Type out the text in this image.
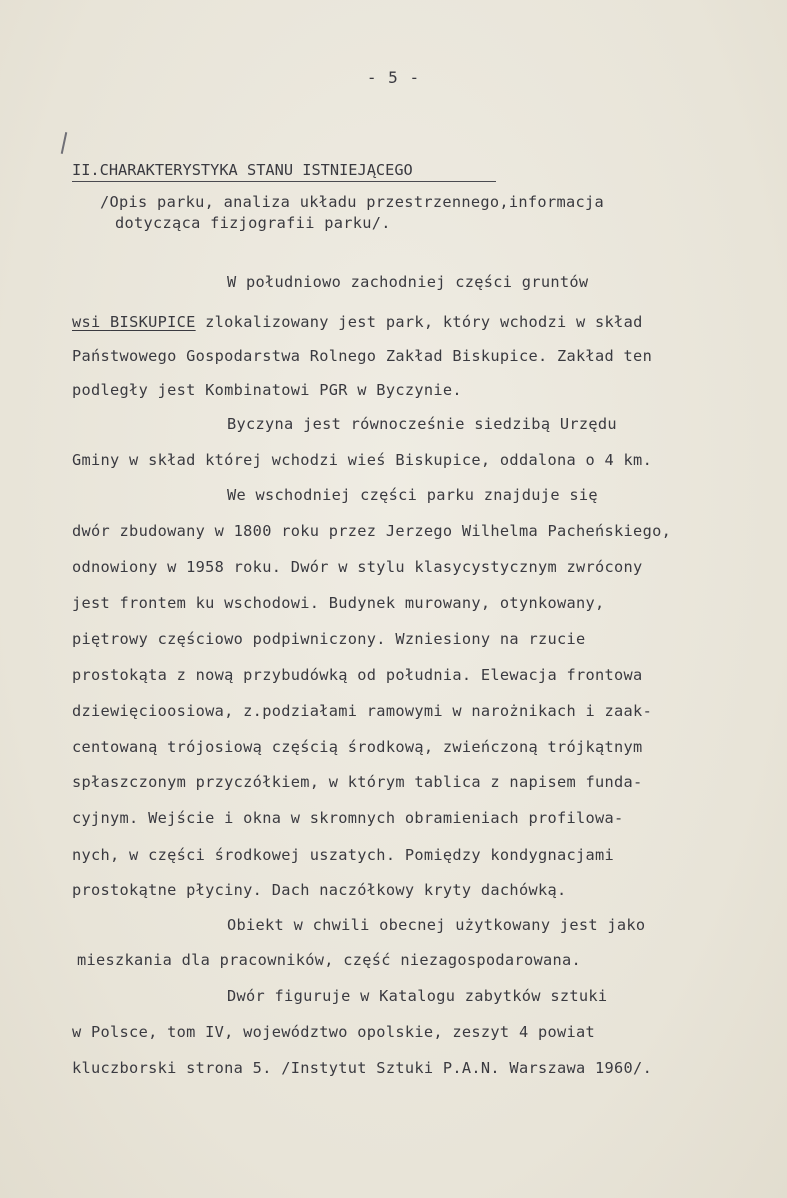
- 5 -
II.CHARAKTERYSTYKA STANU ISTNIEJĄCEGO
/Opis parku, analiza układu przestrzennego,informacja
dotycząca fizjografii parku/.
W południowo zachodniej części gruntów
wsi BISKUPICE zlokalizowany jest park, który wchodzi w skład
Państwowego Gospodarstwa Rolnego Zakład Biskupice. Zakład ten
podległy jest Kombinatowi PGR w Byczynie.
Byczyna jest równocześnie siedzibą Urzędu
Gminy w skład której wchodzi wieś Biskupice, oddalona o 4 km.
We wschodniej części parku znajduje się
dwór zbudowany w 1800 roku przez Jerzego Wilhelma Pacheńskiego,
odnowiony w 1958 roku. Dwór w stylu klasycystycznym zwrócony
jest frontem ku wschodowi. Budynek murowany, otynkowany,
piętrowy częściowo podpiwniczony. Wzniesiony na rzucie
prostokąta z nową przybudówką od południa. Elewacja frontowa
dziewięcioosiowa, z.podziałami ramowymi w narożnikach i zaak-
centowaną trójosiową częścią środkową, zwieńczoną trójkątnym
spłaszczonym przyczółkiem, w którym tablica z napisem funda-
cyjnym. Wejście i okna w skromnych obramieniach profilowa-
nych, w części środkowej uszatych. Pomiędzy kondygnacjami
prostokątne płyciny. Dach naczółkowy kryty dachówką.
Obiekt w chwili obecnej użytkowany jest jako
mieszkania dla pracowników, część niezagospodarowana.
Dwór figuruje w Katalogu zabytków sztuki
w Polsce, tom IV, województwo opolskie, zeszyt 4 powiat
kluczborski strona 5. /Instytut Sztuki P.A.N. Warszawa 1960/.
